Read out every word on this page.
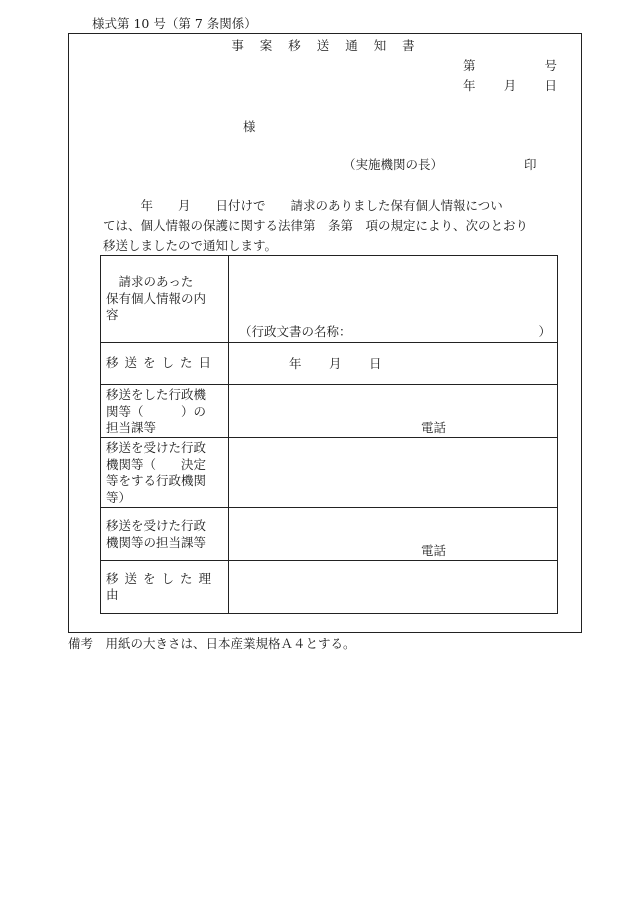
様式第 10 号（第 7 条関係）
事 案 移 送 通 知 書
第	号
年 月 日
様
（実施機関の長）	印
　　　年　　月　　日付けで　　請求のありました保有個人情報につい
ては、個人情報の保護に関する法律第　条第　項の規定により、次のとおり
移送しましたので通知します。
　請求のあった
保有個人情報の内
容	（行政文書の名称： ）

移送をした日	年 月 日

移送をした行政機
関等（　　　）の
担当課等	電話

移送を受けた行政
機関等（　　決定
等をする行政機関
等）	

移送を受けた行政
機関等の担当課等	電話

移送をした理由	
備考　用紙の大きさは、日本産業規格Ａ４とする。
